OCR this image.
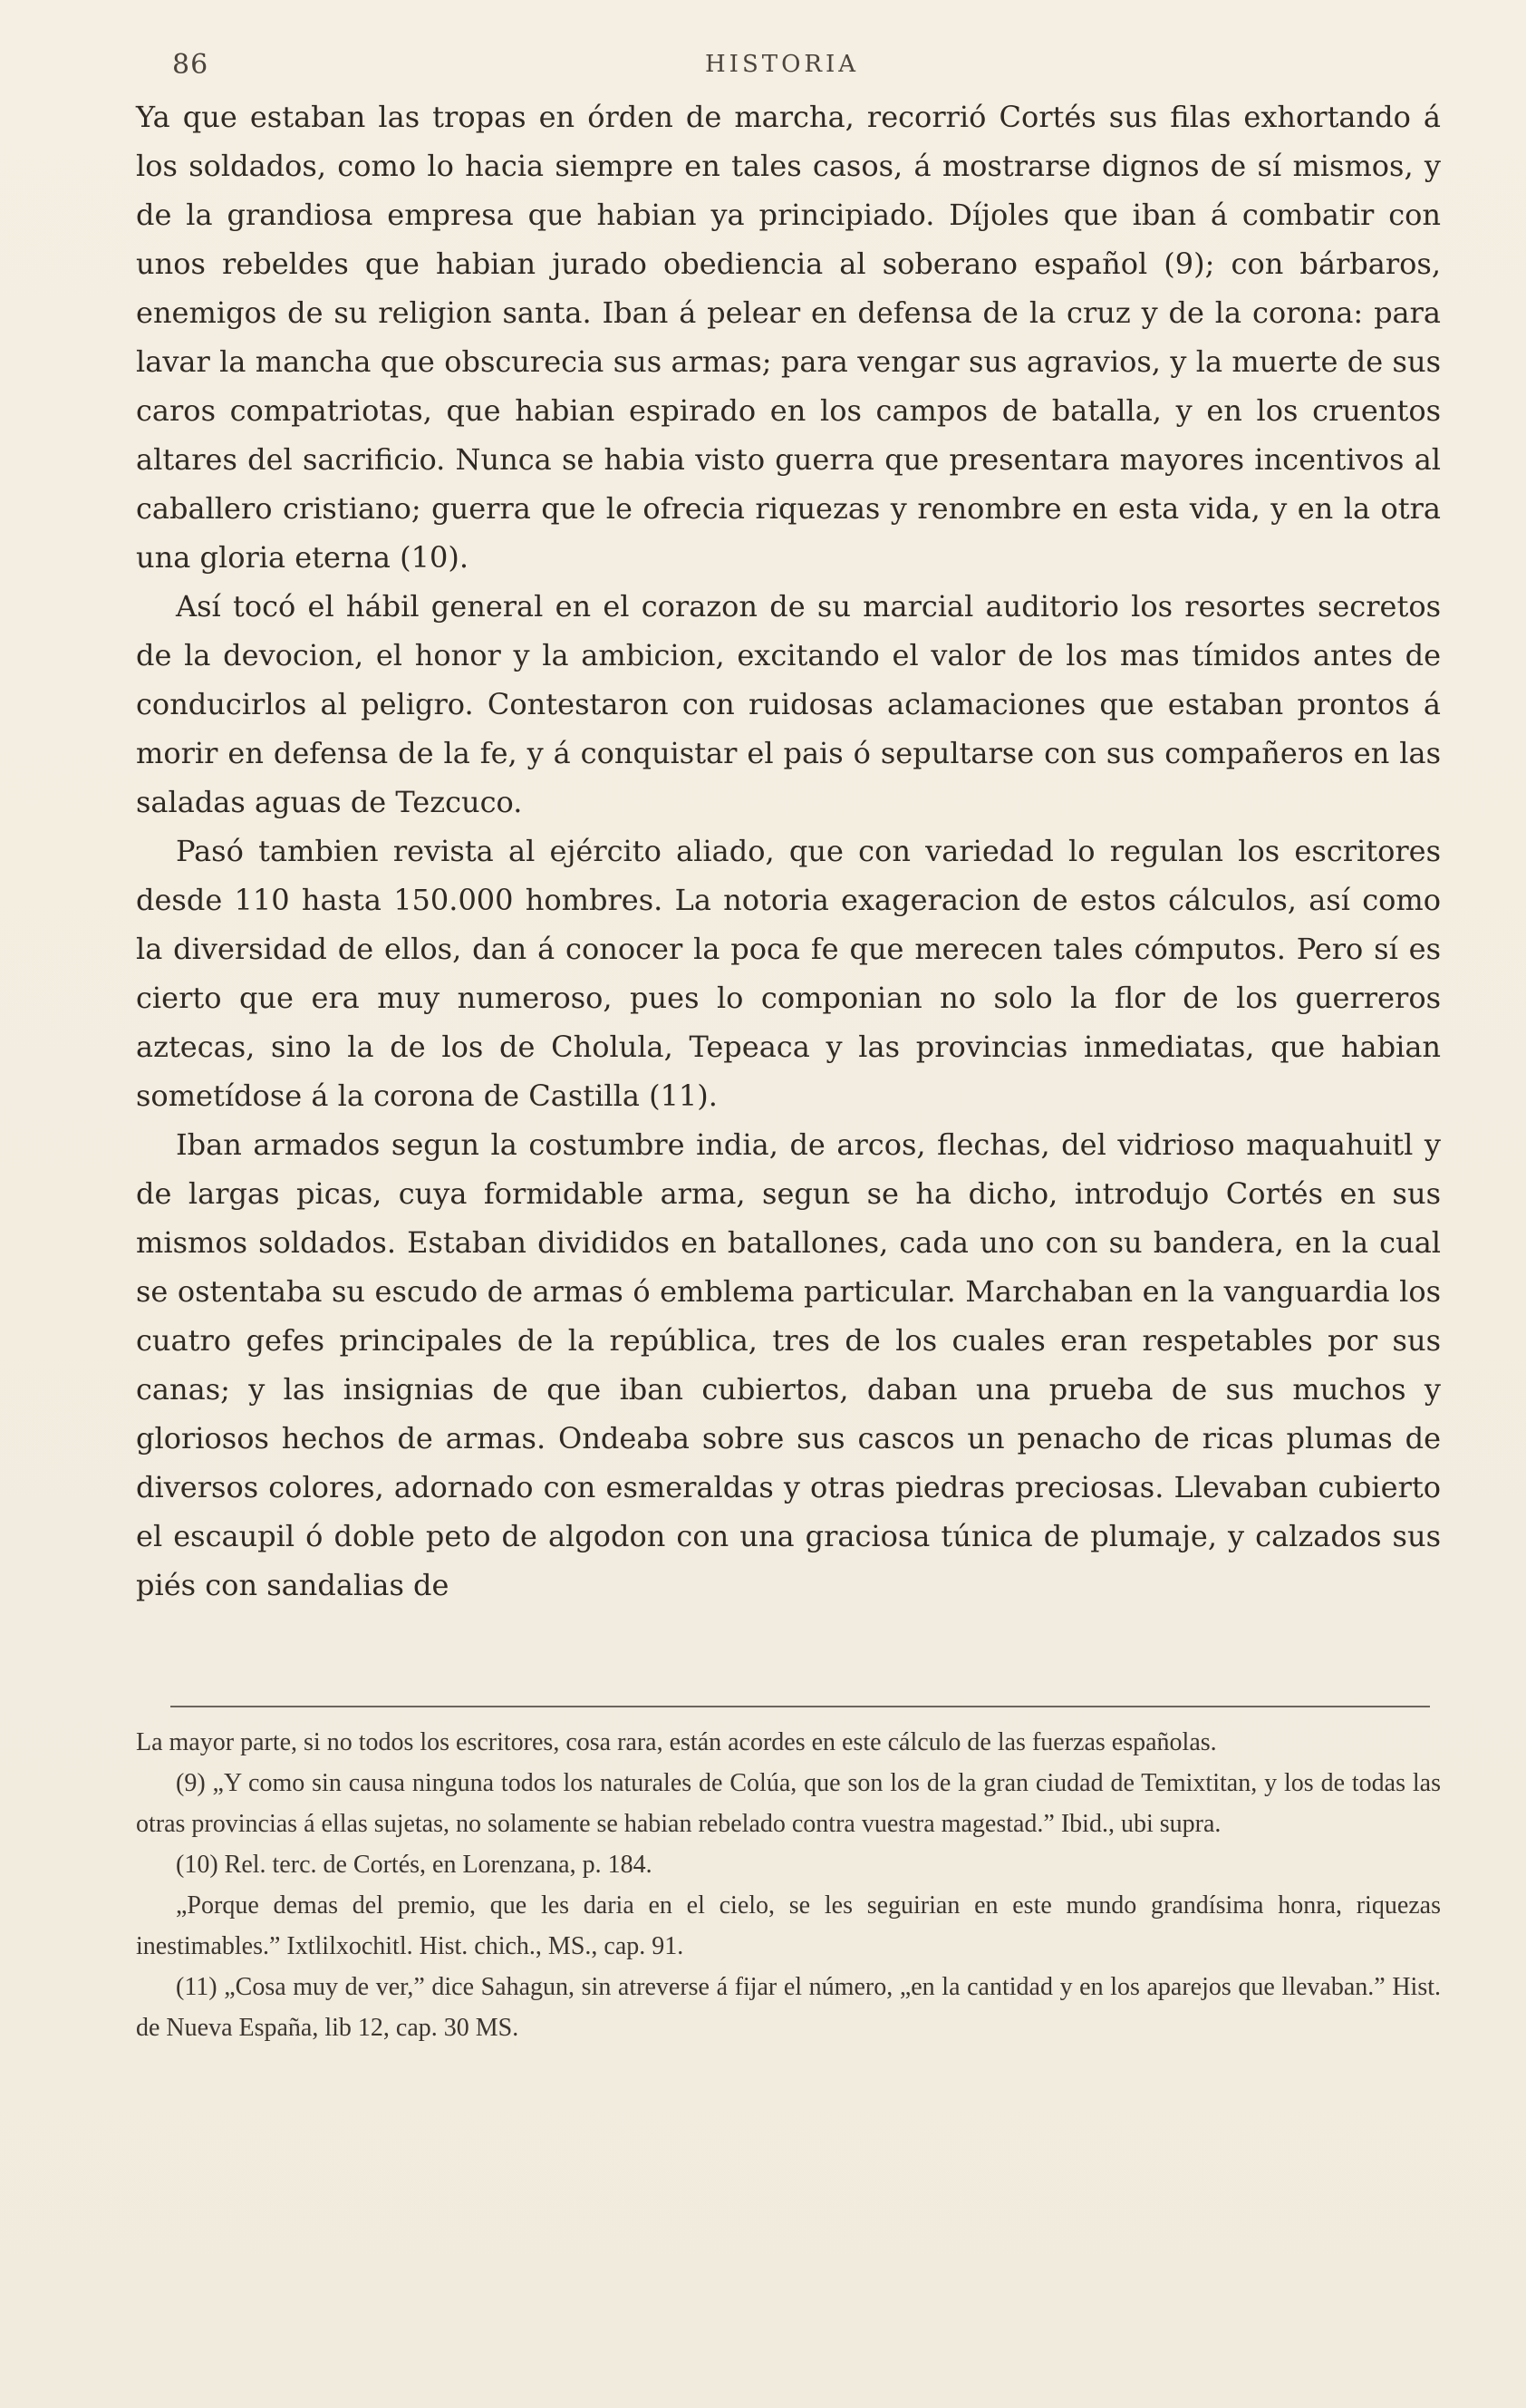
86	HISTORIA

Ya que estaban las tropas en órden de marcha, recorrió Cortés sus filas exhortando á los soldados, como lo hacia siempre en tales casos, á mostrarse dignos de sí mismos, y de la grandiosa empresa que habian ya principiado. Díjoles que iban á combatir con unos rebeldes que habian jurado obediencia al soberano español (9); con bárbaros, enemigos de su religion santa. Iban á pelear en defensa de la cruz y de la corona: para lavar la mancha que obscurecia sus armas; para vengar sus agravios, y la muerte de sus caros compatriotas, que habian espirado en los campos de batalla, y en los cruentos altares del sacrificio. Nunca se habia visto guerra que presentara mayores incentivos al caballero cristiano; guerra que le ofrecia riquezas y renombre en esta vida, y en la otra una gloria eterna (10).

Así tocó el hábil general en el corazon de su marcial auditorio los resortes secretos de la devocion, el honor y la ambicion, excitando el valor de los mas tímidos antes de conducirlos al peligro. Contestaron con ruidosas aclamaciones que estaban prontos á morir en defensa de la fe, y á conquistar el pais ó sepultarse con sus compañeros en las saladas aguas de Tezcuco.

Pasó tambien revista al ejército aliado, que con variedad lo regulan los escritores desde 110 hasta 150.000 hombres. La notoria exageracion de estos cálculos, así como la diversidad de ellos, dan á conocer la poca fe que merecen tales cómputos. Pero sí es cierto que era muy numeroso, pues lo componian no solo la flor de los guerreros aztecas, sino la de los de Cholula, Tepeaca y las provincias inmediatas, que habian sometídose á la corona de Castilla (11).

Iban armados segun la costumbre india, de arcos, flechas, del vidrioso maquahuitl y de largas picas, cuya formidable arma, segun se ha dicho, introdujo Cortés en sus mismos soldados. Estaban divididos en batallones, cada uno con su bandera, en la cual se ostentaba su escudo de armas ó emblema particular. Marchaban en la vanguardia los cuatro gefes principales de la república, tres de los cuales eran respetables por sus canas; y las insignias de que iban cubiertos, daban una prueba de sus muchos y gloriosos hechos de armas. Ondeaba sobre sus cascos un penacho de ricas plumas de diversos colores, adornado con esmeraldas y otras piedras preciosas. Llevaban cubierto el escaupil ó doble peto de algodon con una graciosa túnica de plumaje, y calzados sus piés con sandalias de

La mayor parte, si no todos los escritores, cosa rara, están acordes en este cálculo de las fuerzas españolas.

(9) „Y como sin causa ninguna todos los naturales de Colúa, que son los de la gran ciudad de Temixtitan, y los de todas las otras provincias á ellas sujetas, no solamente se habian rebelado contra vuestra magestad.” Ibid., ubi supra.

(10) Rel. terc. de Cortés, en Lorenzana, p. 184.

„Porque demas del premio, que les daria en el cielo, se les seguirian en este mundo grandísima honra, riquezas inestimables.” Ixtlilxochitl. Hist. chich., MS., cap. 91.

(11) „Cosa muy de ver,” dice Sahagun, sin atreverse á fijar el número, „en la cantidad y en los aparejos que llevaban.” Hist. de Nueva España, lib 12, cap. 30 MS.
